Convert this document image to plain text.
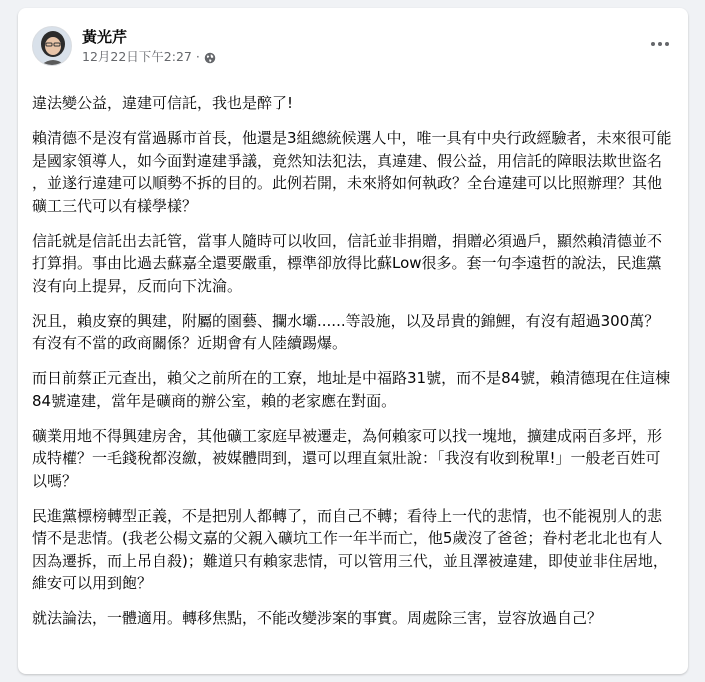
黃光芹
12月22日下午2:27 ·

違法變公益，違建可信託，我也是醉了!

賴清德不是沒有當過縣市首長，他還是3組總統候選人中，唯一具有中央行政經驗者，未來很可能是國家領導人，如今面對違建爭議，竟然知法犯法，真違建、假公益，用信託的障眼法欺世盜名，並遂行違建可以順勢不拆的目的。此例若開，未來將如何執政？全台違建可以比照辦理？其他礦工三代可以有樣學樣？

信託就是信託出去託管，當事人隨時可以收回，信託並非捐贈，捐贈必須過戶，顯然賴清德並不打算捐。事由比過去蘇嘉全還要嚴重，標準卻放得比蘇Low很多。套一句李遠哲的說法，民進黨沒有向上提昇，反而向下沈淪。

況且，賴皮寮的興建，附屬的園藝、攔水壩......等設施，以及昂貴的錦鯉，有沒有超過300萬？有沒有不當的政商關係？近期會有人陸續踢爆。

而日前蔡正元查出，賴父之前所在的工寮，地址是中福路31號，而不是84號，賴清德現在住這棟84號違建，當年是礦商的辦公室，賴的老家應在對面。

礦業用地不得興建房舍，其他礦工家庭早被遷走，為何賴家可以找一塊地，擴建成兩百多坪，形成特權？一毛錢稅都沒繳，被媒體問到，還可以理直氣壯說：「我沒有收到稅單!」一般老百姓可以嗎？

民進黨標榜轉型正義，不是把別人都轉了，而自己不轉；看待上一代的悲情，也不能視別人的悲情不是悲情。(我老公楊文嘉的父親入礦坑工作一年半而亡，他5歲沒了爸爸；眷村老北北也有人因為遷拆，而上吊自殺)；難道只有賴家悲情，可以管用三代，並且澤被違建，即使並非住居地，維安可以用到飽？

就法論法，一體適用。轉移焦點，不能改變涉案的事實。周處除三害，豈容放過自己？
